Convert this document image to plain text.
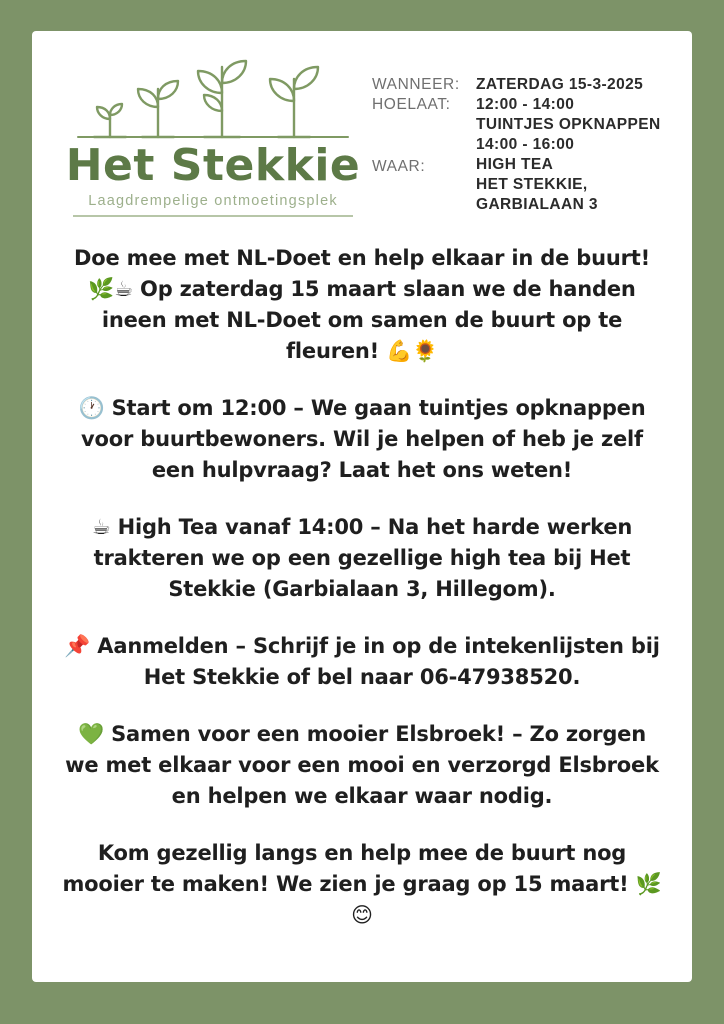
Het Stekkie
Laagdrempelige ontmoetingsplek
WANNEER:
HOELAAT:
WAAR:
ZATERDAG 15-3-2025
12:00 - 14:00
TUINTJES OPKNAPPEN
14:00 - 16:00
HIGH TEA
HET STEKKIE,
GARBIALAAN 3

Doe mee met NL-Doet en help elkaar in de buurt! 🌿☕ Op zaterdag 15 maart slaan we de handen ineen met NL-Doet om samen de buurt op te fleuren! 💪🌻

🕐 Start om 12:00 – We gaan tuintjes opknappen voor buurtbewoners. Wil je helpen of heb je zelf een hulpvraag? Laat het ons weten!

☕ High Tea vanaf 14:00 – Na het harde werken trakteren we op een gezellige high tea bij Het Stekkie (Garbialaan 3, Hillegom).

📌 Aanmelden – Schrijf je in op de intekenlijsten bij Het Stekkie of bel naar 06-47938520.

💚 Samen voor een mooier Elsbroek! – Zo zorgen we met elkaar voor een mooi en verzorgd Elsbroek en helpen we elkaar waar nodig.

Kom gezellig langs en help mee de buurt nog mooier te maken! We zien je graag op 15 maart! 🌿😊
